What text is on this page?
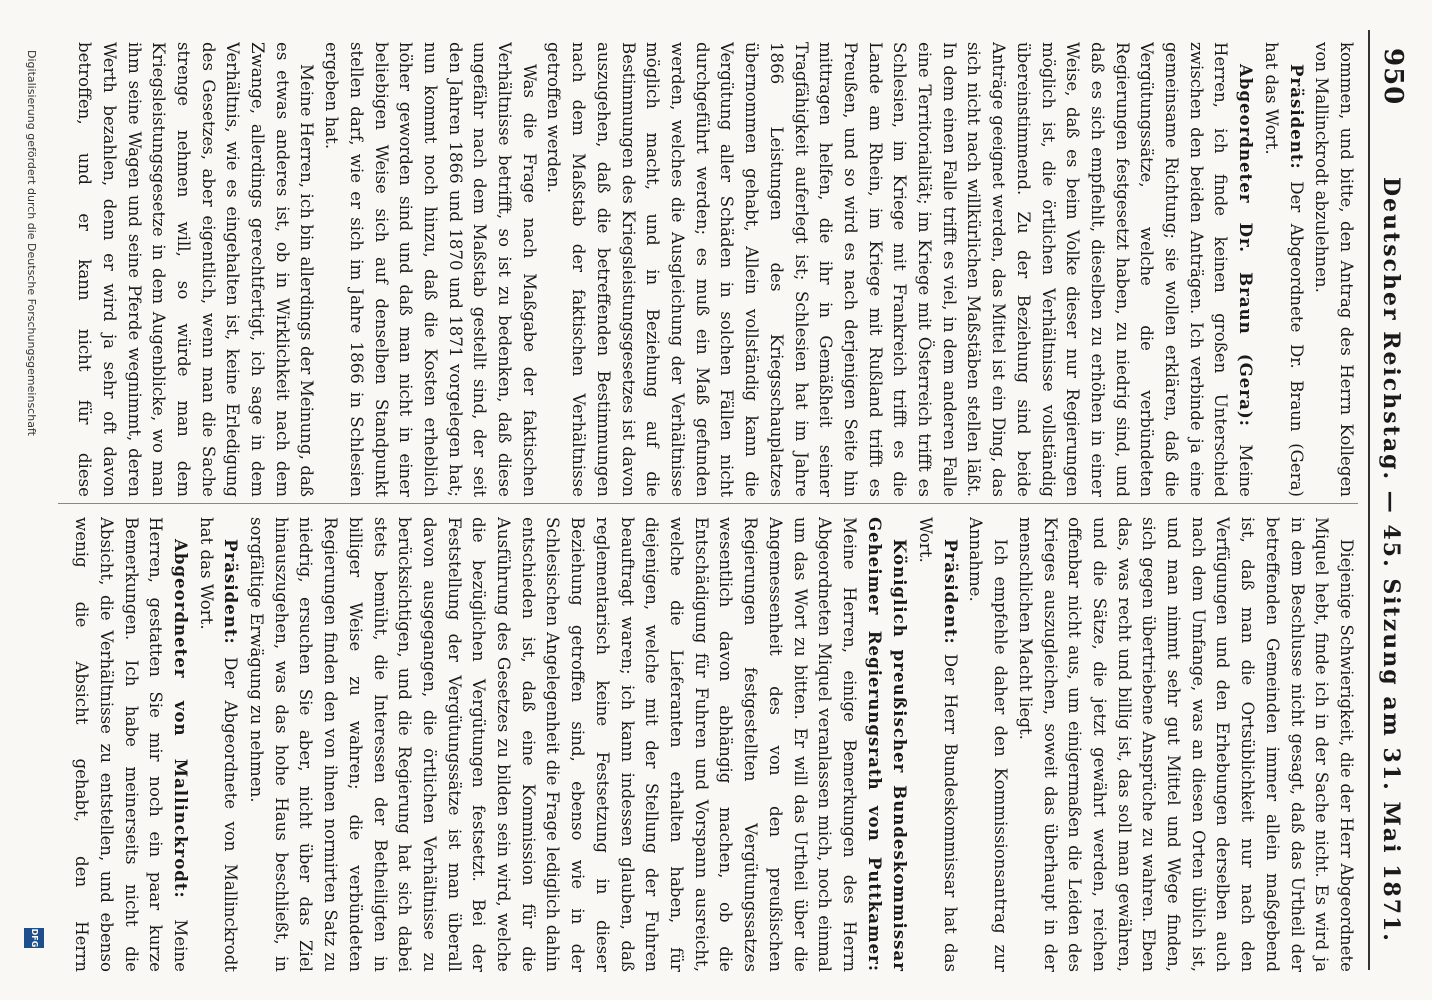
950
Deutscher Reichstag. — 45. Sitzung am 31. Mai 1871.

kommen, und bitte, den Antrag des Herrn Kollegen von Mallinckrodt abzulehnen.

Präsident: Der Abgeordnete Dr. Braun (Gera) hat das Wort.

Abgeordneter Dr. Braun (Gera): Meine Herren, ich finde keinen großen Unterschied zwischen den beiden Anträgen. Ich verbinde ja eine gemeinsame Richtung; sie wollen erklären, daß die Vergütungssätze, welche die verbündeten Regierungen festgesetzt haben, zu niedrig sind, und daß es sich empfiehlt, dieselben zu erhöhen in einer Weise, daß es beim Volke dieser nur Regierungen möglich ist, die örtlichen Verhältnisse vollständig übereinstimmend. Zu der Beziehung sind beide Anträge geeignet werden, das Mittel ist ein Ding, das sich nicht nach willkürlichen Maßstäben stellen läßt. In dem einen Falle trifft es viel, in dem anderen Falle eine Territorialität; im Kriege mit Österreich trifft es Schlesien, im Kriege mit Frankreich trifft es die Lande am Rhein, im Kriege mit Rußland trifft es Preußen, und so wird es nach derjenigen Seite hin mittragen helfen, die ihr in Gemäßheit seiner Tragfähigkeit auferlegt ist; Schlesien hat im Jahre 1866 Leistungen des Kriegsschauplatzes übernommen gehabt, Allein vollständig kann die Vergütung aller Schäden in solchen Fällen nicht durchgeführt werden; es muß ein Maß gefunden werden, welches die Ausgleichung der Verhältnisse möglich macht, und in Beziehung auf die Bestimmungen des Kriegsleistungsgesetzes ist davon auszugehen, daß die betreffenden Bestimmungen nach dem Maßstab der faktischen Verhältnisse getroffen werden.

Was die Frage nach Maßgabe der faktischen Verhältnisse betrifft, so ist zu bedenken, daß diese ungefähr nach dem Maßstab gestellt sind, der seit den Jahren 1866 und 1870 und 1871 vorgelegen hat; nun kommt noch hinzu, daß die Kosten erheblich höher geworden sind und daß man nicht in einer beliebigen Weise sich auf denselben Standpunkt stellen darf, wie er sich im Jahre 1866 in Schlesien ergeben hat.

Meine Herren, ich bin allerdings der Meinung, daß es etwas anderes ist, ob in Wirklichkeit nach dem Zwange, allerdings gerechtfertigt, ich sage in dem Verhältnis, wie es eingehalten ist, keine Erledigung des Gesetzes, aber eigentlich, wenn man die Sache strenge nehmen will, so würde man dem Kriegsleistungsgesetze in dem Augenblicke, wo man ihm seine Wagen und seine Pferde wegnimmt, deren Werth bezahlen, denn er wird ja sehr oft davon betroffen, und er kann nicht für diese

Diejenige Schwierigkeit, die der Herr Abgeordnete Miquel hebt, finde ich in der Sache nicht. Es wird ja in dem Beschlusse nicht gesagt, daß das Urtheil der betreffenden Gemeinden immer allein maßgebend ist, daß man die Ortsüblichkeit nur nach den Verfügungen und den Erhebungen derselben auch nach dem Umfange, was an diesen Orten üblich ist, und man nimmt sehr gut Mittel und Wege finden, sich gegen übertriebene Ansprüche zu wahren. Eben das, was recht und billig ist, das soll man gewähren, und die Sätze, die jetzt gewährt werden, reichen offenbar nicht aus, um einigermaßen die Leiden des Krieges auszugleichen, soweit das überhaupt in der menschlichen Macht liegt.

Ich empfehle daher den Kommissionsantrag zur Annahme.

Präsident: Der Herr Bundeskommissar hat das Wort.

Königlich preußischer Bundeskommissar Geheimer Regierungsrath von Puttkamer: Meine Herren, einige Bemerkungen des Herrn Abgeordneten Miquel veranlassen mich, noch einmal um das Wort zu bitten. Er will das Urtheil über die Angemessenheit des von den preußischen Regierungen festgestellten Vergütungssatzes wesentlich davon abhängig machen, ob die Entschädigung für Fuhren und Vorspann ausreicht, welche die Lieferanten erhalten haben, für diejenigen, welche mit der Stellung der Fuhren beauftragt waren; ich kann indessen glauben, daß reglementarisch keine Festsetzung in dieser Beziehung getroffen sind, ebenso wie in der Schlesischen Angelegenheit die Frage lediglich dahin entschieden ist, daß eine Kommission für die Ausführung des Gesetzes zu bilden sein wird, welche die bezüglichen Vergütungen festsetzt. Bei der Feststellung der Vergütungssätze ist man überall davon ausgegangen, die örtlichen Verhältnisse zu berücksichtigen, und die Regierung hat sich dabei stets bemüht, die Interessen der Betheiligten in billiger Weise zu wahren; die verbündeten Regierungen finden den von ihnen normirten Satz zu niedrig, ersuchen Sie aber, nicht über das Ziel hinauszugehen, was das hohe Haus beschließt, in sorgfältige Erwägung zu nehmen.

Präsident: Der Abgeordnete von Mallinckrodt hat das Wort.

Abgeordneter von Mallinckrodt: Meine Herren, gestatten Sie mir noch ein paar kurze Bemerkungen. Ich habe meinerseits nicht die Absicht, die Verhältnisse zu entstellen, und ebenso wenig die Absicht gehabt, den Herrn

Digitalisierung gefördert durch die Deutsche Forschungsgemeinschaft
DFG
